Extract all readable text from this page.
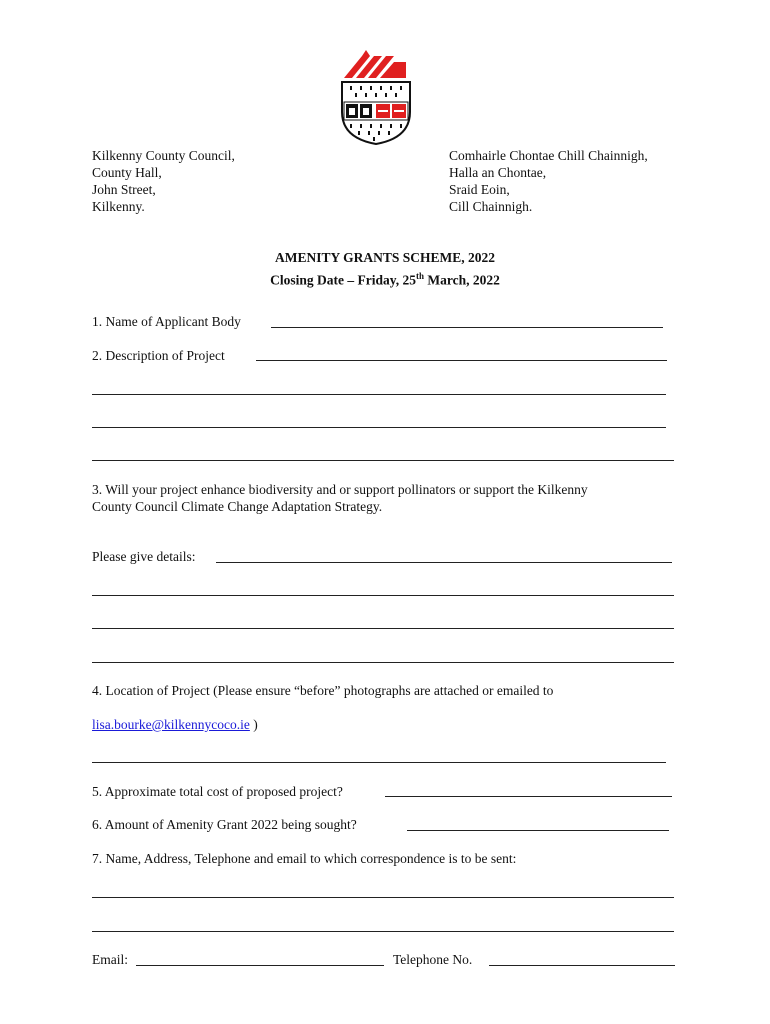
Kilkenny County Council,
County Hall,
John Street,
Kilkenny.
Comhairle Chontae Chill Chainnigh,
Halla an Chontae,
Sraid Eoin,
Cill Chainnigh.
AMENITY GRANTS SCHEME, 2022
Closing Date – Friday, 25th March, 2022
1. Name of Applicant Body
2. Description of Project
3. Will your project enhance biodiversity and or support pollinators or support the Kilkenny
County Council Climate Change Adaptation Strategy.
Please give details:
4. Location of Project (Please ensure “before” photographs are attached or emailed to
lisa.bourke@kilkennycoco.ie )
5. Approximate total cost of proposed project?
6. Amount of Amenity Grant 2022 being sought?
7. Name, Address, Telephone and email to which correspondence is to be sent:
Email:	Telephone No.
